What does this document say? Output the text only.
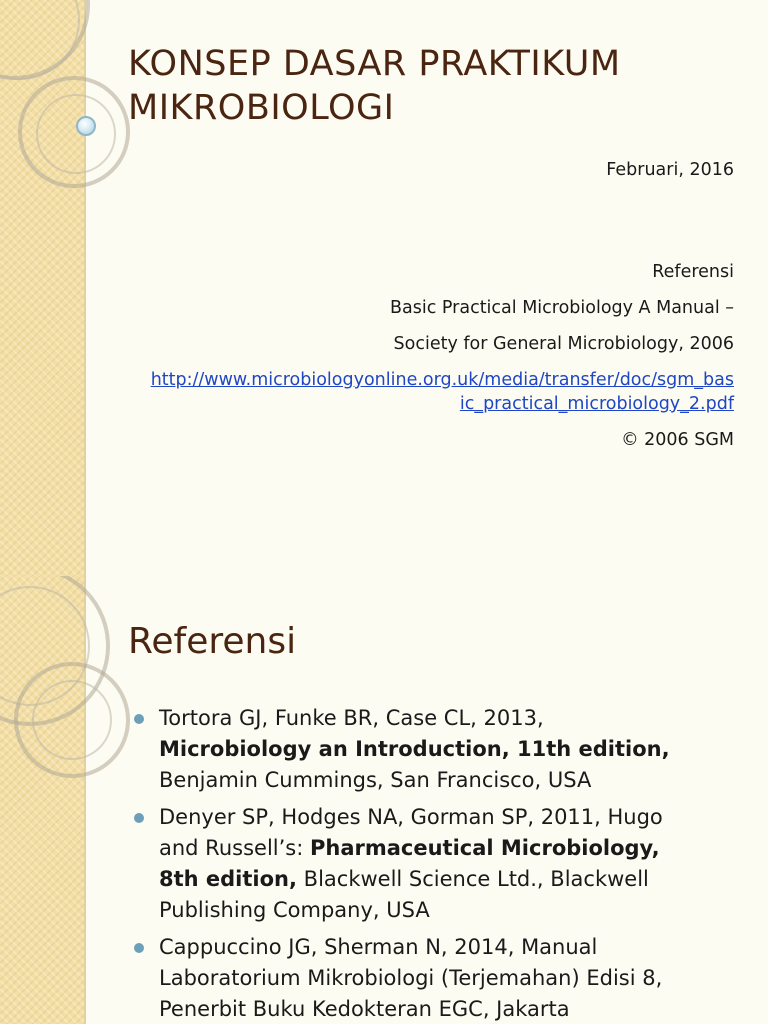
KONSEP DASAR PRAKTIKUM
MIKROBIOLOGI
Februari, 2016
Referensi
Basic Practical Microbiology A Manual –
Society for General Microbiology, 2006
http://www.microbiologyonline.org.uk/media/transfer/doc/sgm_bas
ic_practical_microbiology_2.pdf
© 2006 SGM
Referensi
Tortora GJ, Funke BR, Case CL, 2013,
Microbiology an Introduction, 11th edition,
Benjamin Cummings, San Francisco, USA
Denyer SP, Hodges NA, Gorman SP, 2011, Hugo
and Russell’s: Pharmaceutical Microbiology,
8th edition, Blackwell Science Ltd., Blackwell
Publishing Company, USA
Cappuccino JG, Sherman N, 2014, Manual
Laboratorium Mikrobiologi (Terjemahan) Edisi 8,
Penerbit Buku Kedokteran EGC, Jakarta
